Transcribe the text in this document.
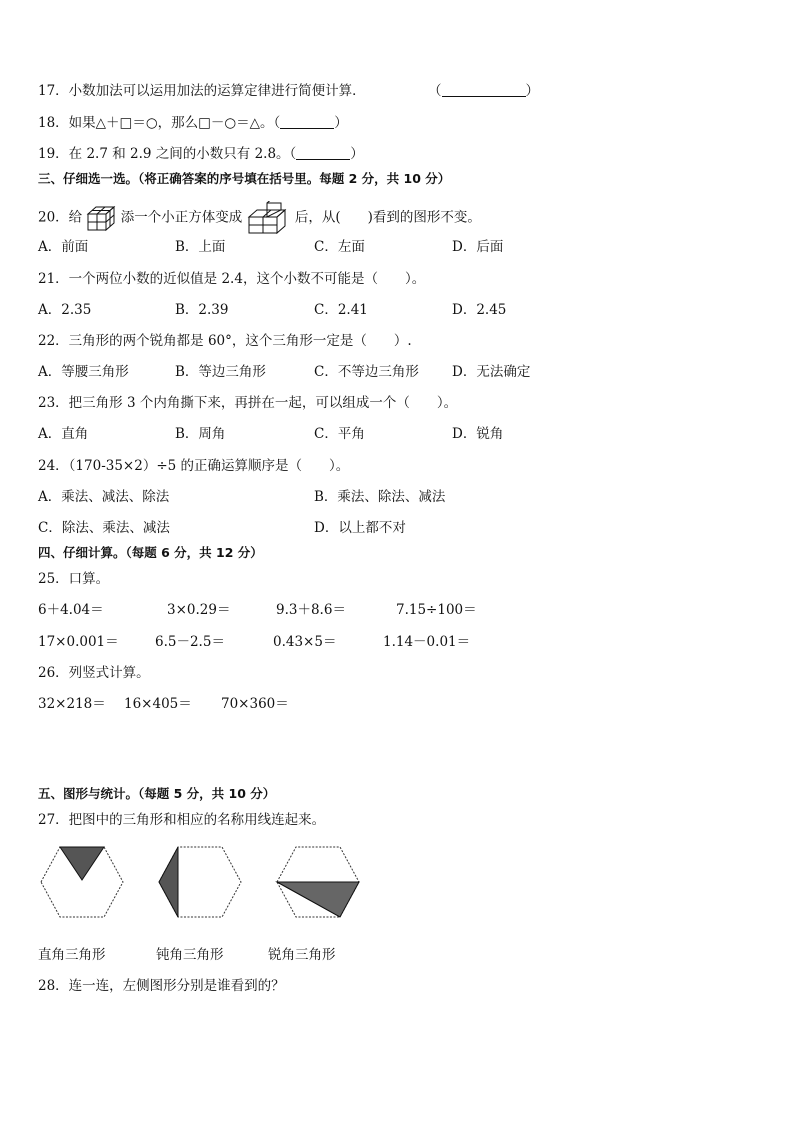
17．小数加法可以运用加法的运算定律进行简便计算．	（	）
18．如果△＋□＝○，那么□－○＝△。（	）
19．在 2.7 和 2.9 之间的小数只有 2.8。（	）
三、仔细选一选。（将正确答案的序号填在括号里。每题 2 分，共 10 分）
20．给	添一个小正方体变成	后，从(　　)看到的图形不变。
A．前面	B．上面	C．左面	D．后面
21．一个两位小数的近似值是 2.4，这个小数不可能是（　　）。
A．2.35	B．2.39	C．2.41	D．2.45
22．三角形的两个锐角都是 60°，这个三角形一定是（　　）.
A．等腰三角形	B．等边三角形	C．不等边三角形 D．无法确定
23．把三角形 3 个内角撕下来，再拼在一起，可以组成一个（　　）。
A．直角	B．周角	C．平角	D．锐角
24．（170-35×2）÷5 的正确运算顺序是（　　）。
A．乘法、减法、除法	B．乘法、除法、减法
C．除法、乘法、减法	D．以上都不对
四、仔细计算。（每题 6 分，共 12 分）
25．口算。
6＋4.04＝	3×0.29＝	9.3＋8.6＝	7.15÷100＝
17×0.001＝	6.5－2.5＝	0.43×5＝	1.14－0.01＝
26．列竖式计算。
32×218＝ 16×405＝ 70×360＝
五、图形与统计。（每题 5 分，共 10 分）
27．把图中的三角形和相应的名称用线连起来。
直角三角形	钝角三角形	锐角三角形
28．连一连，左侧图形分别是谁看到的？
